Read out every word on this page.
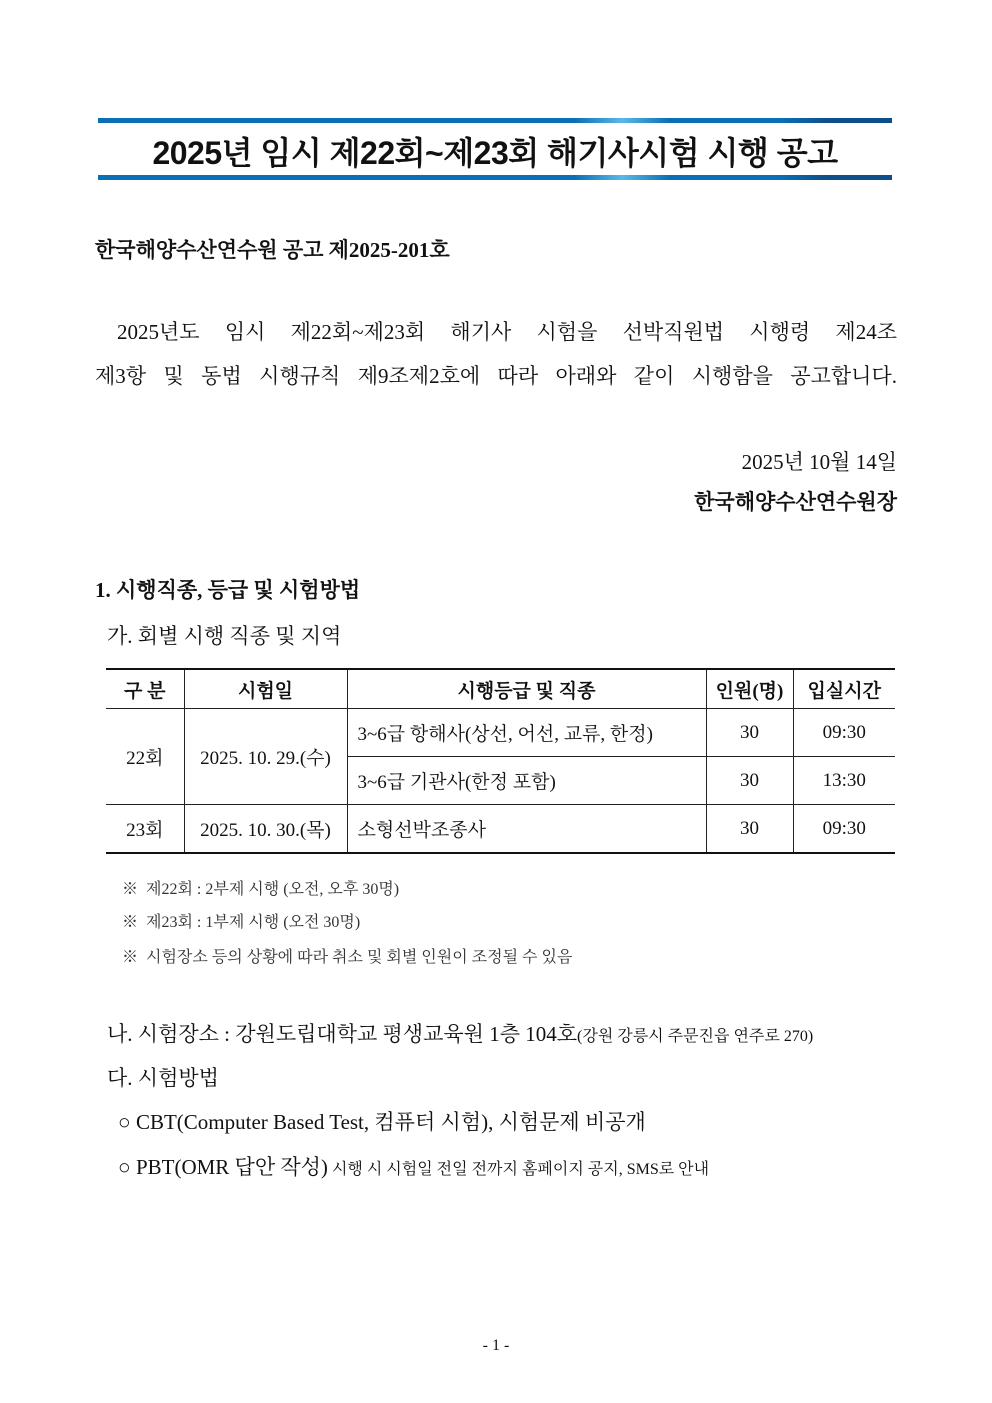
2025년 임시 제22회~제23회 해기사시험 시행 공고
한국해양수산연수원 공고 제2025-201호
2025년도 임시 제22회~제23회 해기사 시험을 선박직원법 시행령 제24조
제3항 및 동법 시행규칙 제9조제2호에 따라 아래와 같이 시행함을 공고합니다.
2025년 10월 14일
한국해양수산연수원장
1. 시행직종, 등급 및 시험방법
가. 회별 시행 직종 및 지역
구 분	시험일	시행등급 및 직종	인원(명)	입실시간
22회	2025. 10. 29.(수)	3~6급 항해사(상선, 어선, 교류, 한정)	30	09:30
		3~6급 기관사(한정 포함)	30	13:30
23회	2025. 10. 30.(목)	소형선박조종사	30	09:30
※ 제22회 : 2부제 시행 (오전, 오후 30명)
※ 제23회 : 1부제 시행 (오전 30명)
※ 시험장소 등의 상황에 따라 취소 및 회별 인원이 조정될 수 있음
나. 시험장소 : 강원도립대학교 평생교육원 1층 104호(강원 강릉시 주문진읍 연주로 270)
다. 시험방법
○ CBT(Computer Based Test, 컴퓨터 시험), 시험문제 비공개
○ PBT(OMR 답안 작성) 시행 시 시험일 전일 전까지 홈페이지 공지, SMS로 안내
- 1 -
